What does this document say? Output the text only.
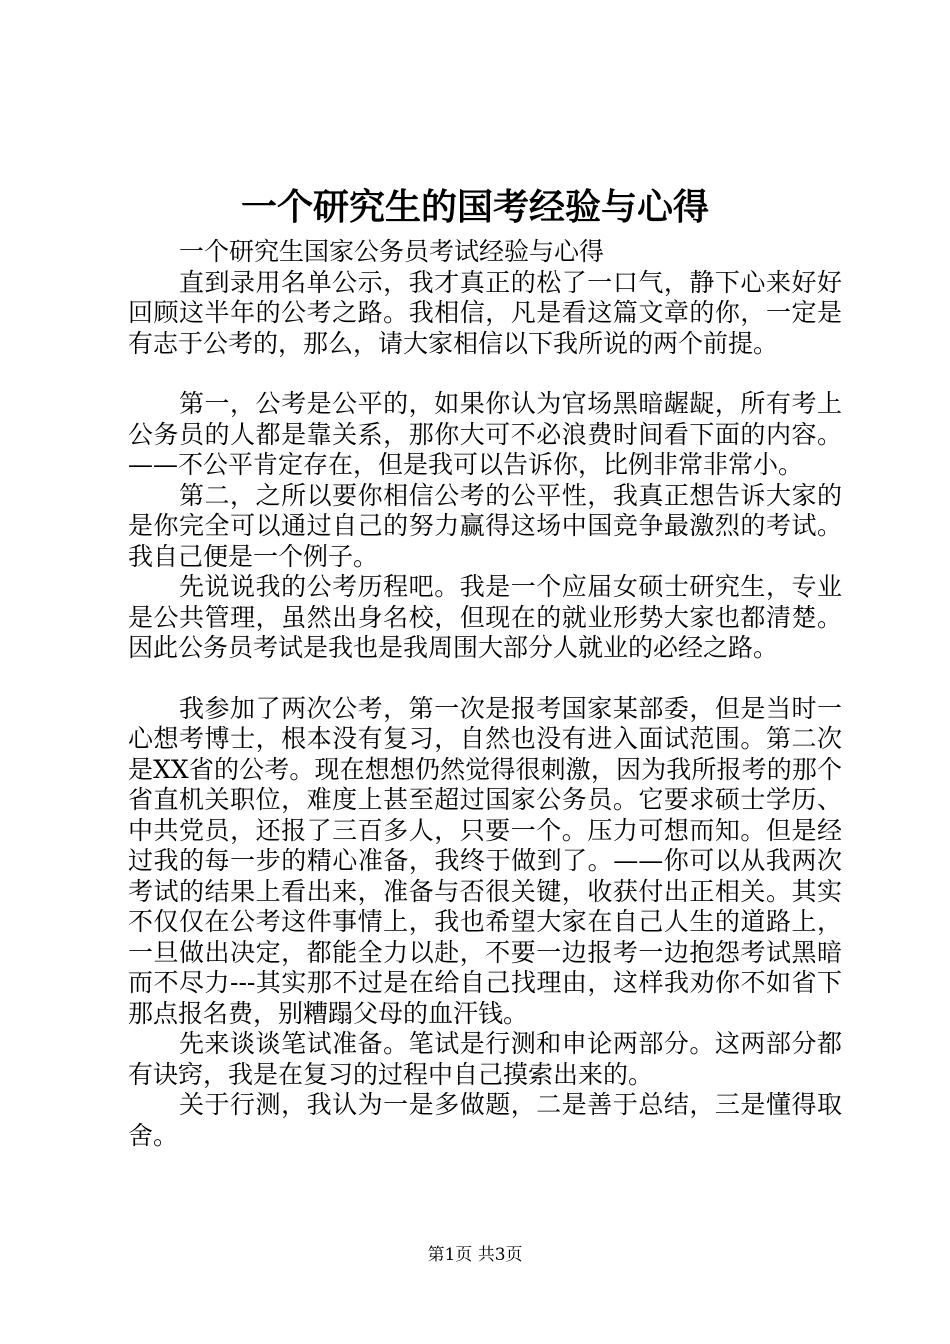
一个研究生的国考经验与心得

一个研究生国家公务员考试经验与心得

直到录用名单公示，我才真正的松了一口气，静下心来好好回顾这半年的公考之路。我相信，凡是看这篇文章的你，一定是有志于公考的，那么，请大家相信以下我所说的两个前提。

第一，公考是公平的，如果你认为官场黑暗龌龊，所有考上公务员的人都是靠关系，那你大可不必浪费时间看下面的内容。——不公平肯定存在，但是我可以告诉你，比例非常非常小。

第二，之所以要你相信公考的公平性，我真正想告诉大家的是你完全可以通过自己的努力赢得这场中国竞争最激烈的考试。我自己便是一个例子。

先说说我的公考历程吧。我是一个应届女硕士研究生，专业是公共管理，虽然出身名校，但现在的就业形势大家也都清楚。因此公务员考试是我也是我周围大部分人就业的必经之路。

我参加了两次公考，第一次是报考国家某部委，但是当时一心想考博士，根本没有复习，自然也没有进入面试范围。第二次是XX省的公考。现在想想仍然觉得很刺激，因为我所报考的那个省直机关职位，难度上甚至超过国家公务员。它要求硕士学历、中共党员，还报了三百多人，只要一个。压力可想而知。但是经过我的每一步的精心准备，我终于做到了。——你可以从我两次考试的结果上看出来，准备与否很关键，收获付出正相关。其实不仅仅在公考这件事情上，我也希望大家在自己人生的道路上，一旦做出决定，都能全力以赴，不要一边报考一边抱怨考试黑暗而不尽力---其实那不过是在给自己找理由，这样我劝你不如省下那点报名费，别糟蹋父母的血汗钱。

先来谈谈笔试准备。笔试是行测和申论两部分。这两部分都有诀窍，我是在复习的过程中自己摸索出来的。

关于行测，我认为一是多做题，二是善于总结，三是懂得取舍。

第1页 共3页
